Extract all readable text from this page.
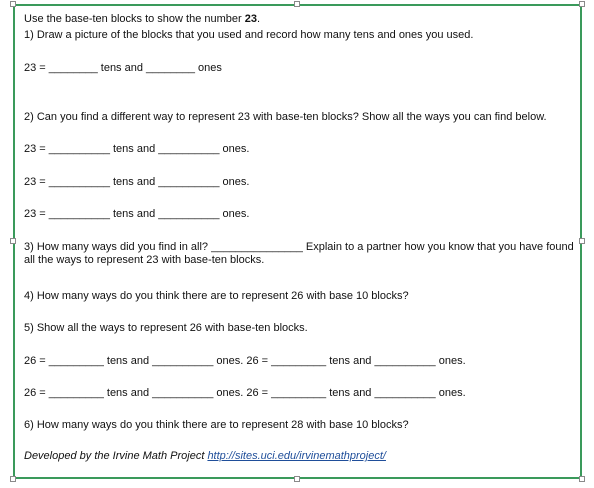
Use the base-ten blocks to show the number 23.
1) Draw a picture of the blocks that you used and record how many tens and ones you used.
23 = ________ tens and ________ ones
2) Can you find a different way to represent 23 with base-ten blocks? Show all the ways you can find below.
23 = __________ tens and __________ ones.
23 = __________ tens and __________ ones.
23 = __________ tens and __________ ones.
3) How many ways did you find in all? _______________ Explain to a partner how you know that you have found all the ways to represent 23 with base-ten blocks.
4) How many ways do you think there are to represent 26 with base 10 blocks?
5) Show all the ways to represent 26 with base-ten blocks.
26 = _________ tens and __________ ones. 26 = _________ tens and __________ ones.
26 = _________ tens and __________ ones. 26 = _________ tens and __________ ones.
6) How many ways do you think there are to represent 28 with base 10 blocks?
Developed by the Irvine Math Project http://sites.uci.edu/irvinemathproject/
